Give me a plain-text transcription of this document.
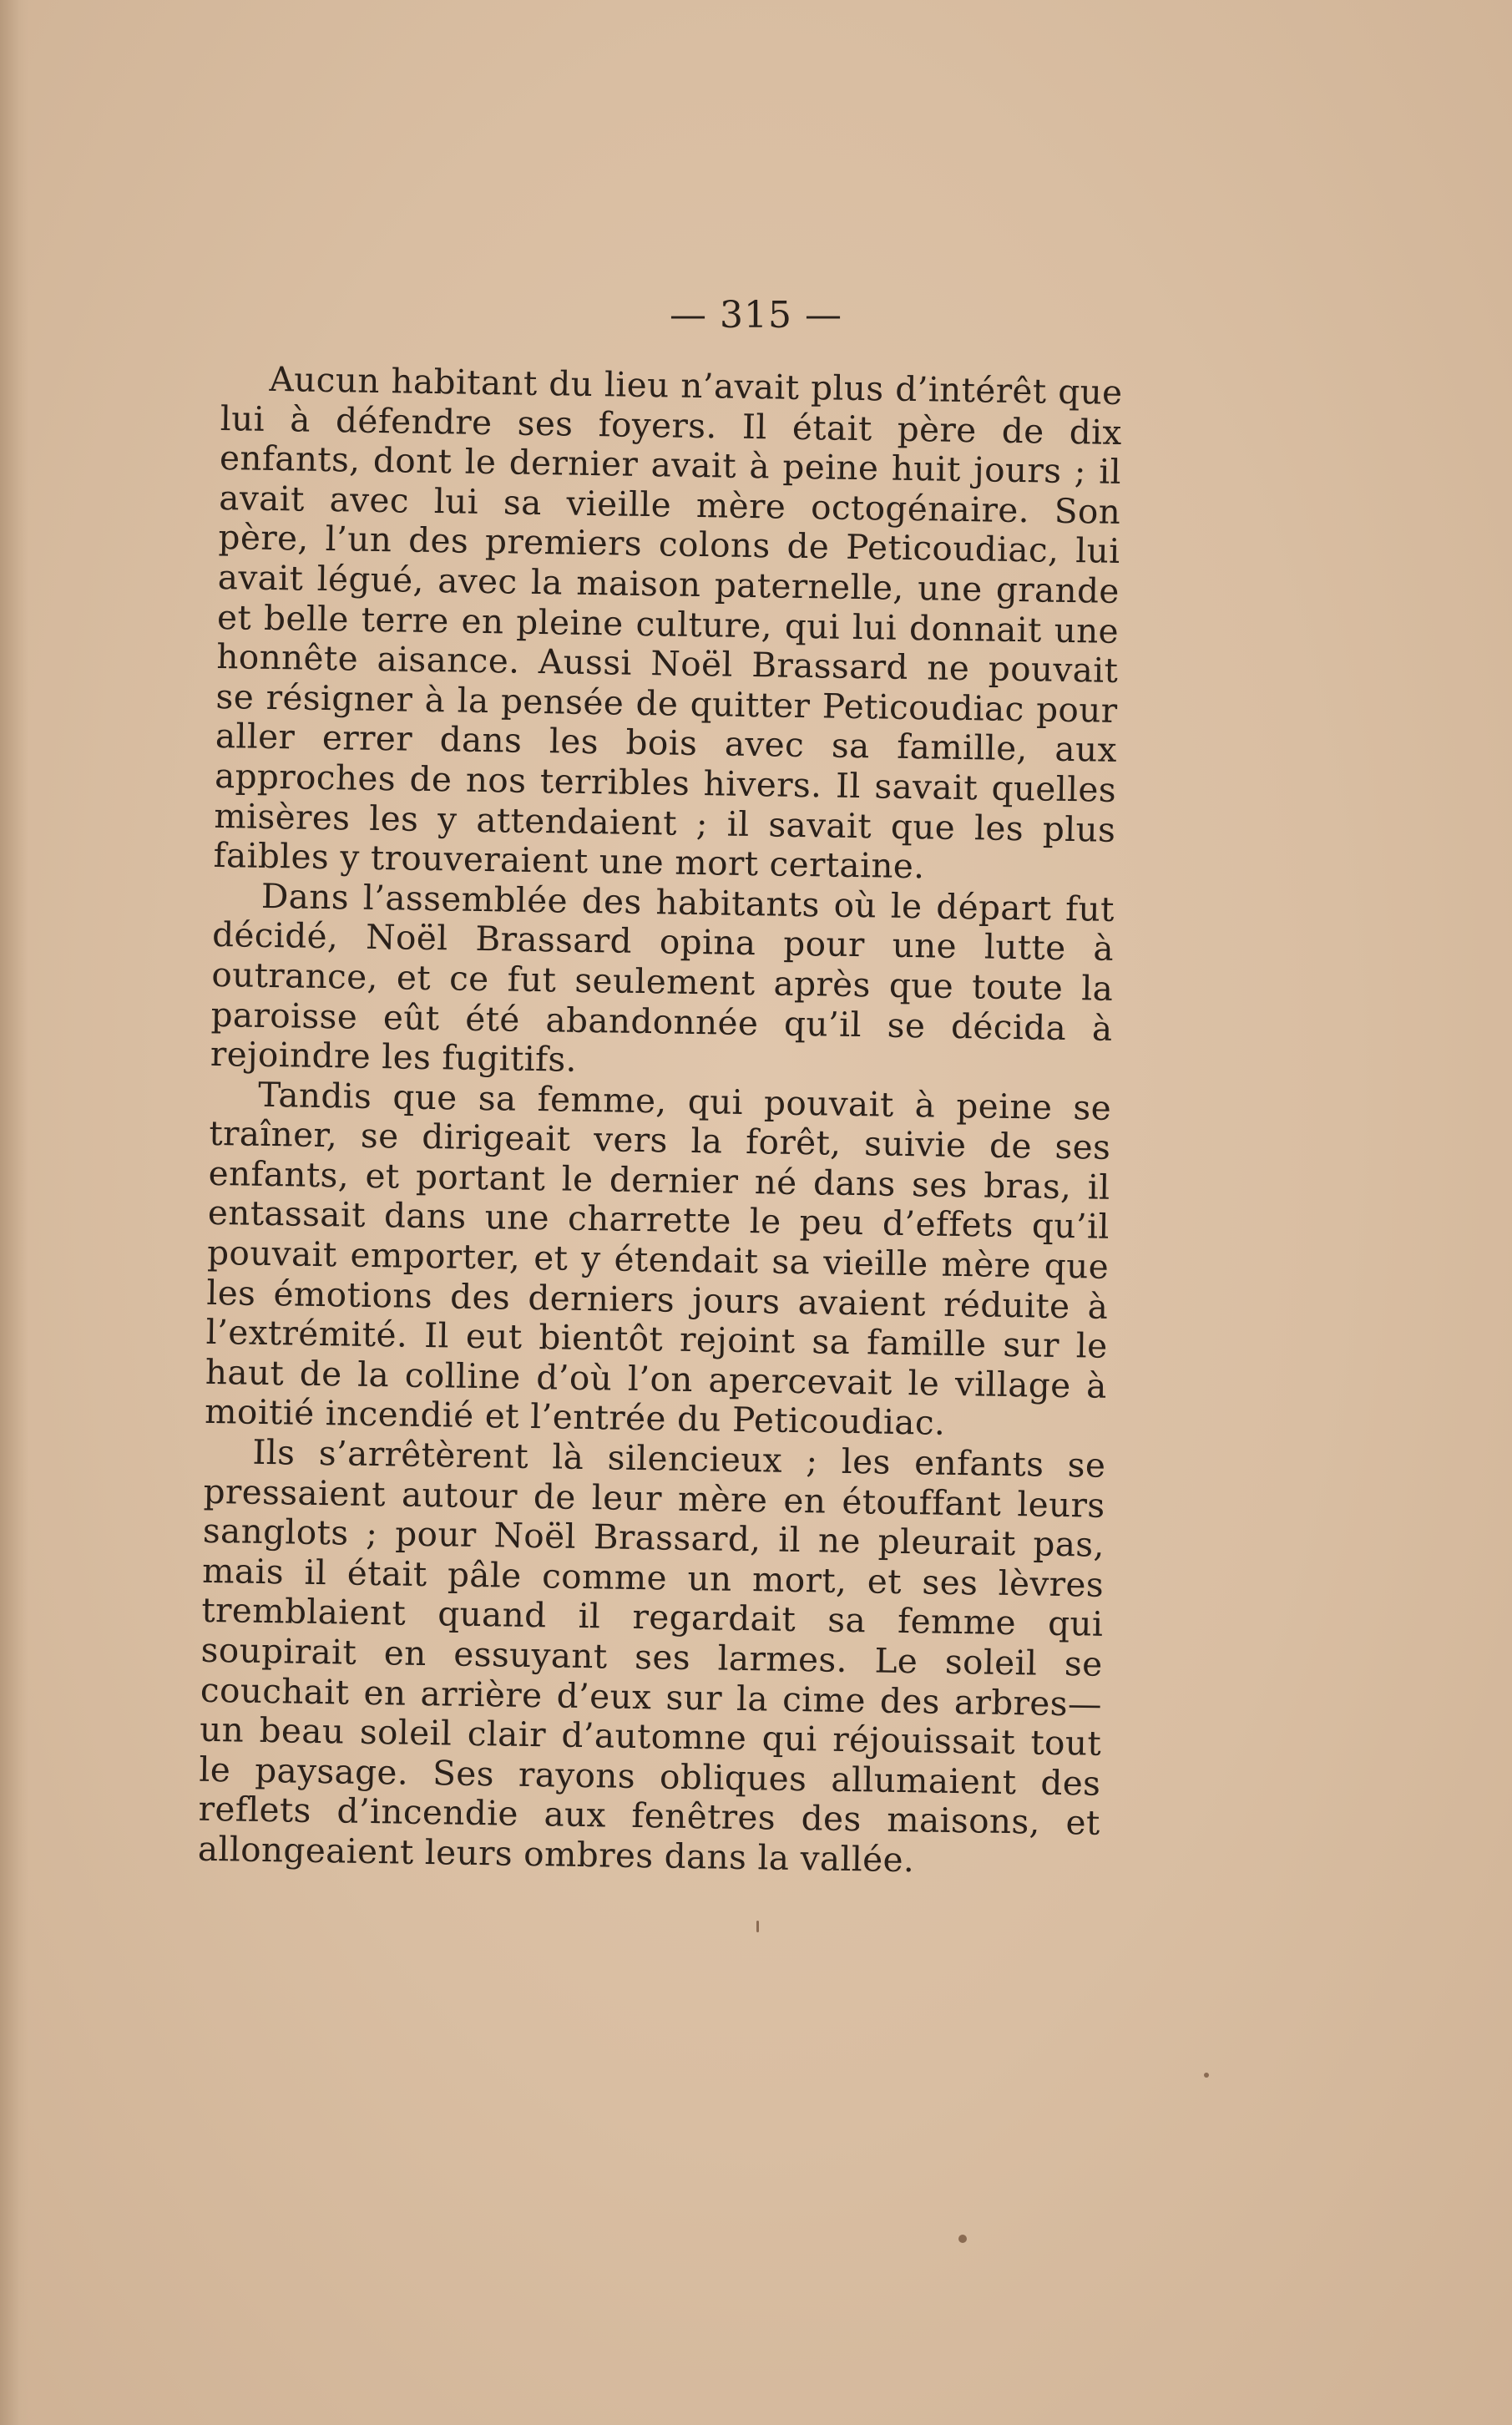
— 315 —

Aucun habitant du lieu n’avait plus d’intérêt que lui à défendre ses foyers. Il était père de dix enfants, dont le dernier avait à peine huit jours ; il avait avec lui sa vieille mère octogénaire. Son père, l’un des premiers colons de Peticoudiac, lui avait légué, avec la maison paternelle, une grande et belle terre en pleine culture, qui lui donnait une honnête aisance. Aussi Noël Brassard ne pouvait se résigner à la pensée de quitter Peticoudiac pour aller errer dans les bois avec sa famille, aux approches de nos terribles hivers. Il savait quelles misères les y attendaient ; il savait que les plus faibles y trouveraient une mort certaine.

Dans l’assemblée des habitants où le départ fut décidé, Noël Brassard opina pour une lutte à outrance, et ce fut seulement après que toute la paroisse eût été abandonnée qu’il se décida à rejoindre les fugitifs.

Tandis que sa femme, qui pouvait à peine se traîner, se dirigeait vers la forêt, suivie de ses enfants, et portant le dernier né dans ses bras, il entassait dans une charrette le peu d’effets qu’il pouvait emporter, et y étendait sa vieille mère que les émotions des derniers jours avaient réduite à l’extrémité. Il eut bientôt rejoint sa famille sur le haut de la colline d’où l’on apercevait le village à moitié incendié et l’entrée du Peticoudiac.

Ils s’arrêtèrent là silencieux ; les enfants se pressaient autour de leur mère en étouffant leurs sanglots ; pour Noël Brassard, il ne pleurait pas, mais il était pâle comme un mort, et ses lèvres tremblaient quand il regardait sa femme qui soupirait en essuyant ses larmes. Le soleil se couchait en arrière d’eux sur la cime des arbres—un beau soleil clair d’automne qui réjouissait tout le paysage. Ses rayons obliques allumaient des reflets d’incendie aux fenêtres des maisons, et allongeaient leurs ombres dans la vallée.
